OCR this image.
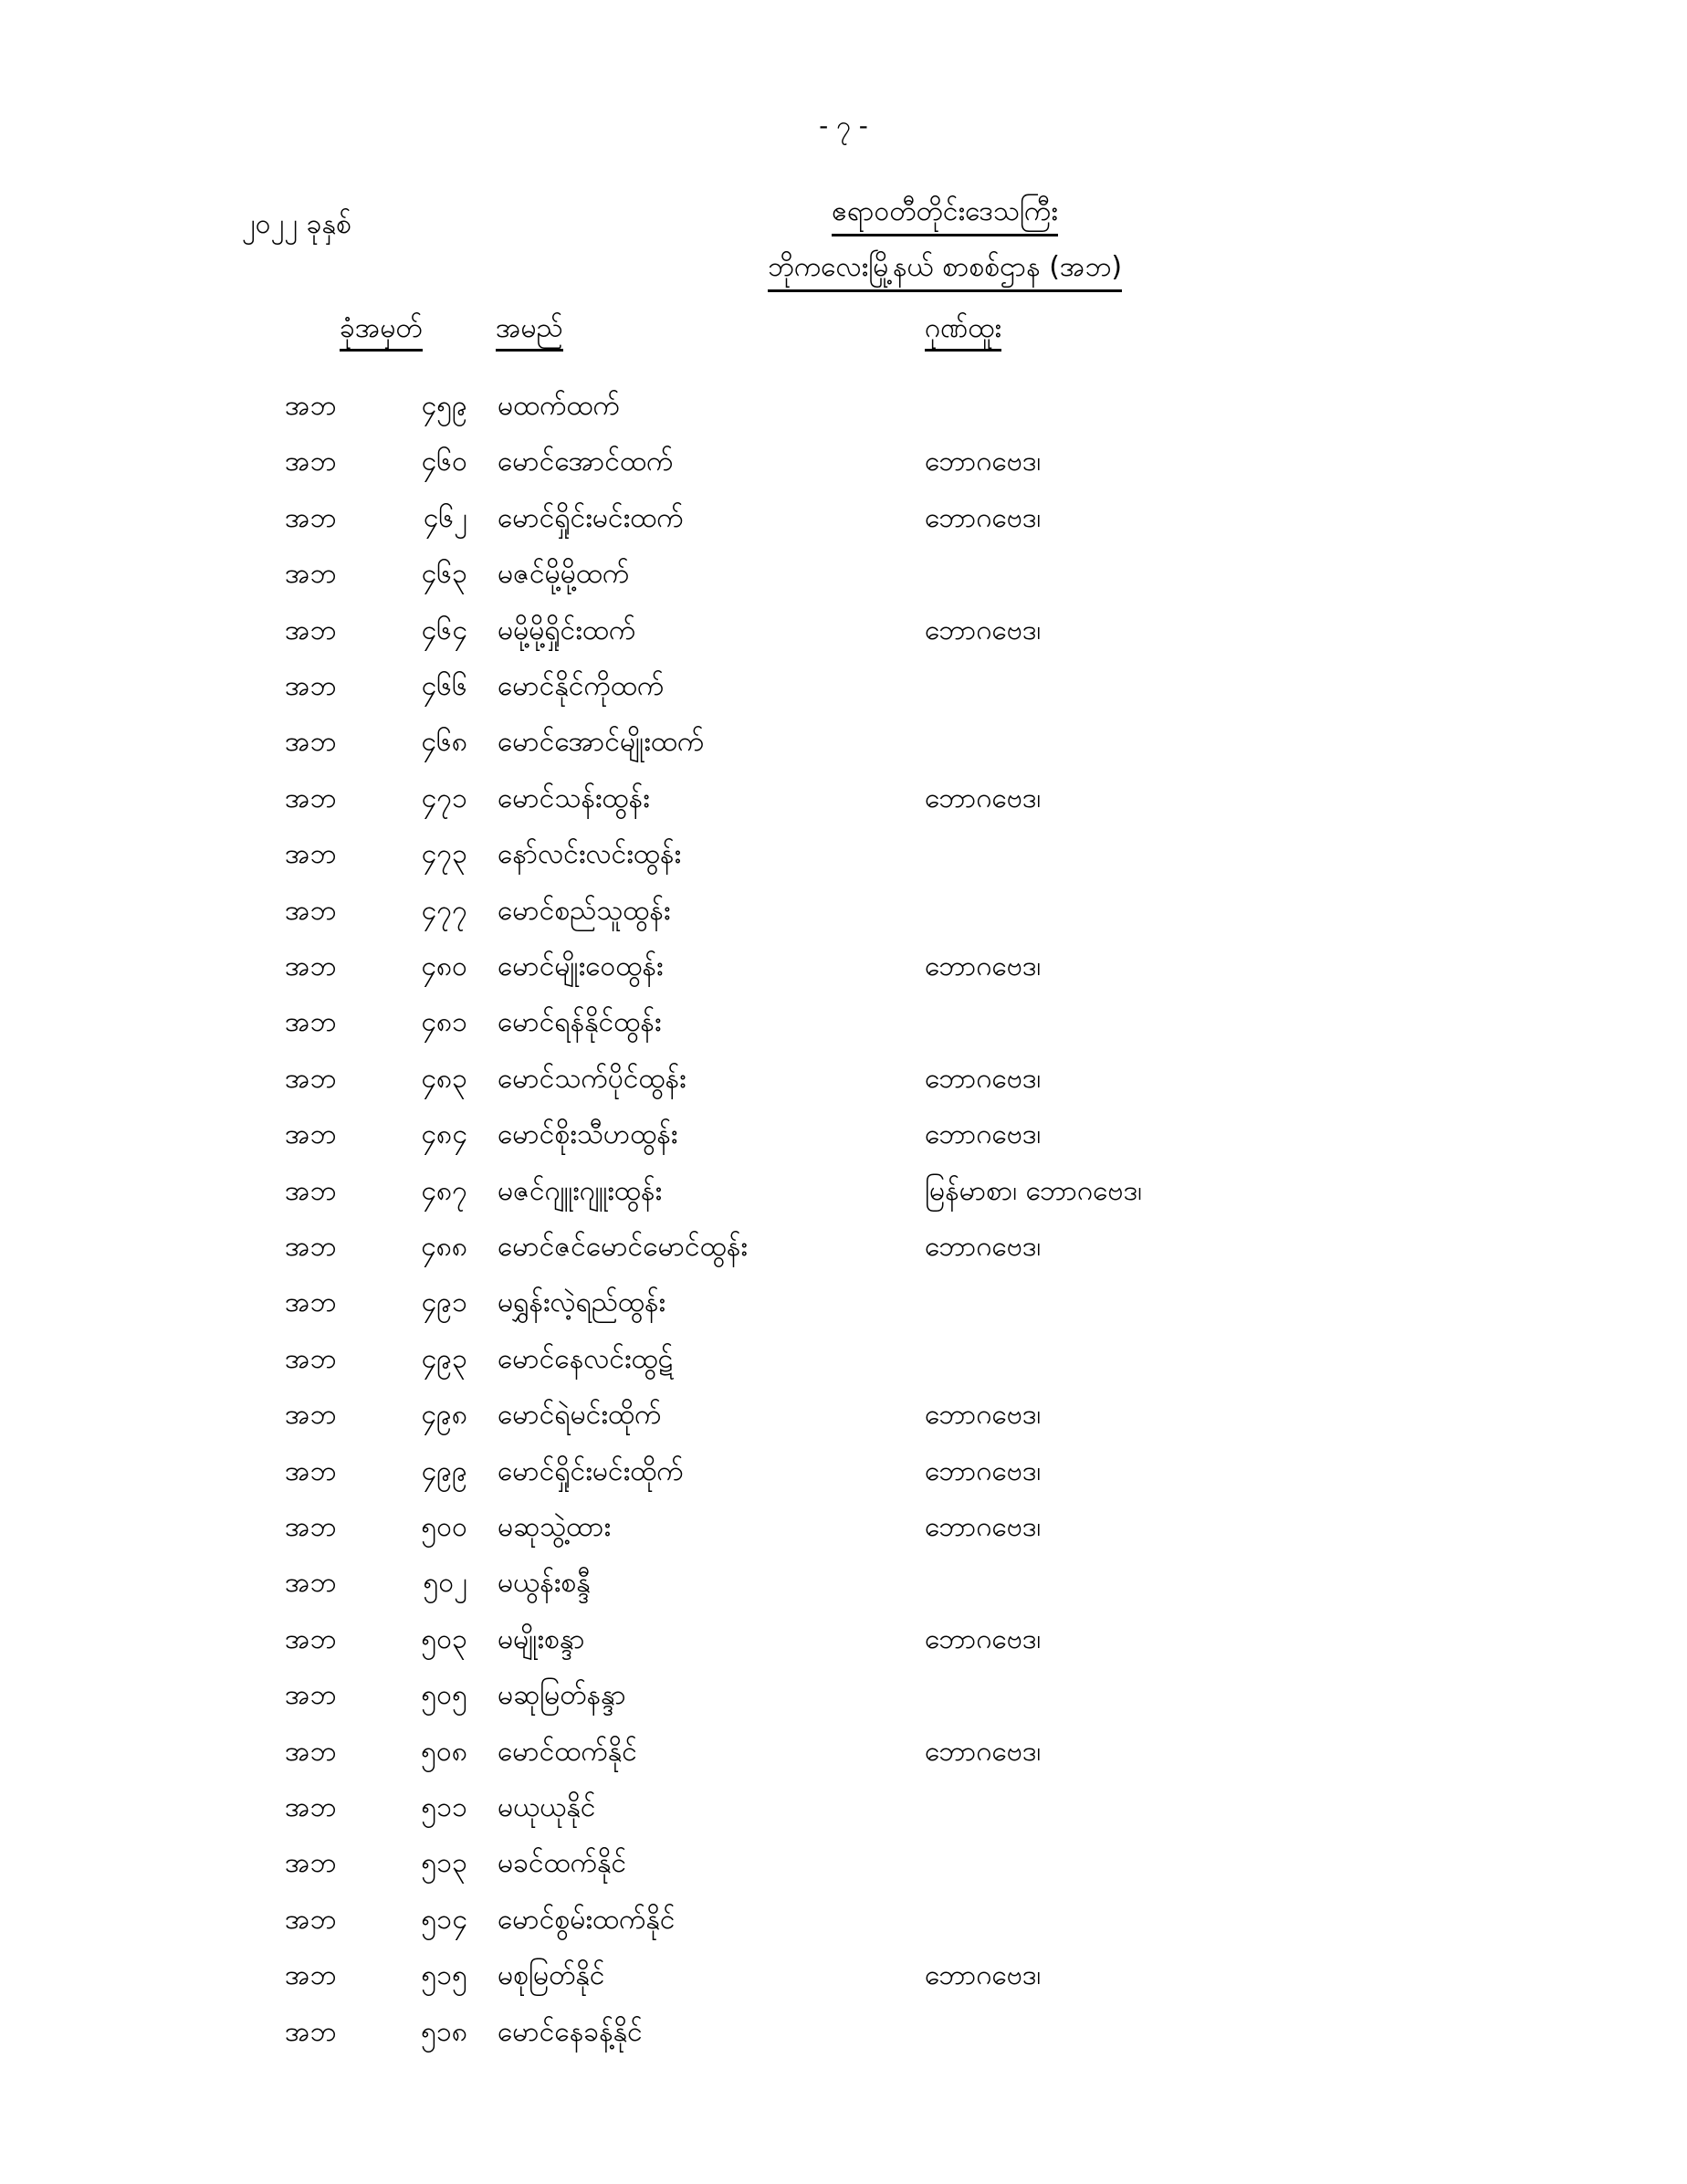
- ၇ -
၂၀၂၂ ခုနှစ်	ဧရာဝတီတိုင်းဒေသကြီး
ဘိုကလေးမြို့နယ် စာစစ်ဌာန (အဘ)
ခုံအမှတ်	အမည်	ဂုဏ်ထူး
အဘ	၄၅၉ မထက်ထက်
အဘ	၄၆၀ မောင်အောင်ထက်	ဘောဂဗေဒ၊
အဘ	၄၆၂ မောင်ရှိုင်းမင်းထက်	ဘောဂဗေဒ၊
အဘ	၄၆၃ မဇင်မို့မို့ထက်
အဘ	၄၆၄ မမို့မို့ရှိုင်းထက်	ဘောဂဗေဒ၊
အဘ	၄၆၆ မောင်နိုင်ကိုထက်
အဘ	၄၆၈ မောင်အောင်မျိုးထက်
အဘ	၄၇၁ မောင်သန်းထွန်း	ဘောဂဗေဒ၊
အဘ	၄၇၃ နော်လင်းလင်းထွန်း
အဘ	၄၇၇ မောင်စည်သူထွန်း
အဘ	၄၈၀ မောင်မျိုးဝေထွန်း	ဘောဂဗေဒ၊
အဘ	၄၈၁ မောင်ရန်နိုင်ထွန်း
အဘ	၄၈၃ မောင်သက်ပိုင်ထွန်း	ဘောဂဗေဒ၊
အဘ	၄၈၄ မောင်စိုးသီဟထွန်း	ဘောဂဗေဒ၊
အဘ	၄၈၇ မဇင်ဂျူးဂျူးထွန်း	မြန်မာစာ၊ ဘောဂဗေဒ၊
အဘ	၄၈၈ မောင်ဇင်မောင်မောင်ထွန်း	ဘောဂဗေဒ၊
အဘ	၄၉၁ မရွှန်းလဲ့ရည်ထွန်း
အဘ	၄၉၃ မောင်နေလင်းထွဋ်
အဘ	၄၉၈ မောင်ရဲမင်းထိုက်	ဘောဂဗေဒ၊
အဘ	၄၉၉ မောင်ရှိုင်းမင်းထိုက်	ဘောဂဗေဒ၊
အဘ	၅၀၀ မဆုသွဲ့ထား	ဘောဂဗေဒ၊
အဘ	၅၀၂ မယွန်းစန္ဒီ
အဘ	၅၀၃ မမျိုးစန္ဒာ	ဘောဂဗေဒ၊
အဘ	၅၀၅ မဆုမြတ်နန္ဒာ
အဘ	၅၀၈ မောင်ထက်နိုင်	ဘောဂဗေဒ၊
အဘ	၅၁၁ မယုယုနိုင်
အဘ	၅၁၃ မခင်ထက်နိုင်
အဘ	၅၁၄ မောင်စွမ်းထက်နိုင်
အဘ	၅၁၅ မစုမြတ်နိုင်	ဘောဂဗေဒ၊
အဘ	၅၁၈ မောင်နေခန့်နိုင်
